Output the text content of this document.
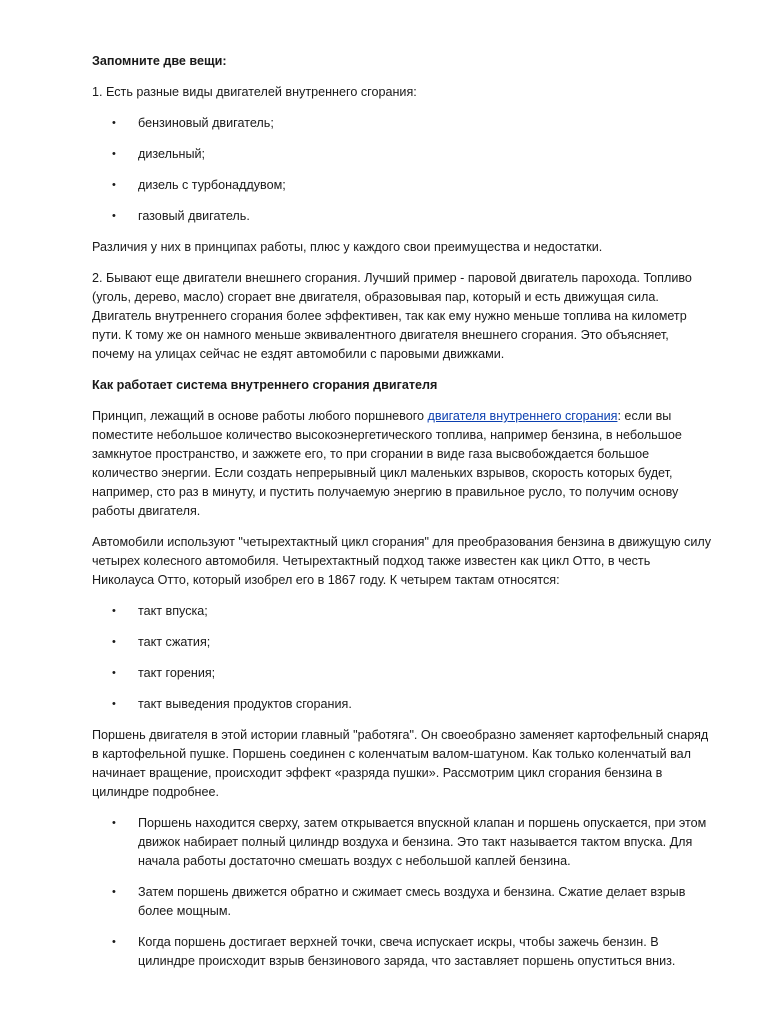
Запомните две вещи:

1. Есть разные виды двигателей внутреннего сгорания:

• бензиновый двигатель;
• дизельный;
• дизель с турбонаддувом;
• газовый двигатель.

Различия у них в принципах работы, плюс у каждого свои преимущества и недостатки.

2. Бывают еще двигатели внешнего сгорания. Лучший пример - паровой двигатель парохода. Топливо (уголь, дерево, масло) сгорает вне двигателя, образовывая пар, который и есть движущая сила. Двигатель внутреннего сгорания более эффективен, так как ему нужно меньше топлива на километр пути. К тому же он намного меньше эквивалентного двигателя внешнего сгорания. Это объясняет, почему на улицах сейчас не ездят автомобили с паровыми движками.

Как работает система внутреннего сгорания двигателя

Принцип, лежащий в основе работы любого поршневого двигателя внутреннего сгорания: если вы поместите небольшое количество высокоэнергетического топлива, например бензина, в небольшое замкнутое пространство, и зажжете его, то при сгорании в виде газа высвобождается большое количество энергии. Если создать непрерывный цикл маленьких взрывов, скорость которых будет, например, сто раз в минуту, и пустить получаемую энергию в правильное русло, то получим основу работы двигателя.

Автомобили используют "четырехтактный цикл сгорания" для преобразования бензина в движущую силу четырех колесного автомобиля. Четырехтактный подход также известен как цикл Отто, в честь Николауса Отто, который изобрел его в 1867 году. К четырем тактам относятся:

• такт впуска;
• такт сжатия;
• такт горения;
• такт выведения продуктов сгорания.

Поршень двигателя в этой истории главный "работяга". Он своеобразно заменяет картофельный снаряд в картофельной пушке. Поршень соединен с коленчатым валом-шатуном. Как только коленчатый вал начинает вращение, происходит эффект «разряда пушки». Рассмотрим цикл сгорания бензина в цилиндре подробнее.

• Поршень находится сверху, затем открывается впускной клапан и поршень опускается, при этом движок набирает полный цилиндр воздуха и бензина. Это такт называется тактом впуска. Для начала работы достаточно смешать воздух с небольшой каплей бензина.
• Затем поршень движется обратно и сжимает смесь воздуха и бензина. Сжатие делает взрыв более мощным.
• Когда поршень достигает верхней точки, свеча испускает искры, чтобы зажечь бензин. В цилиндре происходит взрыв бензинового заряда, что заставляет поршень опуститься вниз.
